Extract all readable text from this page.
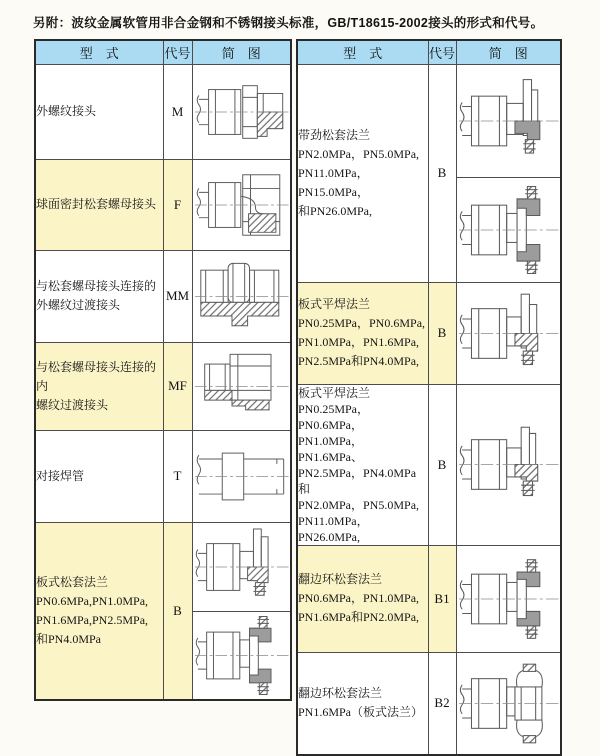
另附：波纹金属软管用非合金钢和不锈钢接头标准，GB/T18615-2002接头的形式和代号。
型　式	代号	简　图

外螺纹接头	M	

球面密封松套螺母接头	F	

与松套螺母接头连接的
外螺纹过渡接头	MM	

与松套螺母接头连接的内
螺纹过渡接头	MF	

对接焊管	T	

板式松套法兰
PN0.6MPa,PN1.0MPa,
PN1.6MPa,PN2.5MPa,
和PN4.0MPa	B	
型　式	代号	简　图

带劲松套法兰
PN2.0MPa，PN5.0MPa,
PN11.0MPa，PN15.0MPa，
和PN26.0MPa,	B	

板式平焊法兰
PN0.25MPa，PN0.6MPa,
PN1.0MPa，PN1.6MPa,
PN2.5MPa和PN4.0MPa,	B	

板式平焊法兰
PN0.25MPa，PN0.6MPa，
PN1.0MPa，PN1.6MPa、
PN2.5MPa，PN4.0MPa和
PN2.0MPa，PN5.0MPa,
PN11.0MPa，PN26.0MPa,
	B	

翻边环松套法兰
PN0.6MPa，PN1.0MPa,
PN1.6MPa和PN2.0MPa,	B1	

翻边环松套法兰
PN1.6MPa（板式法兰）	B2	
